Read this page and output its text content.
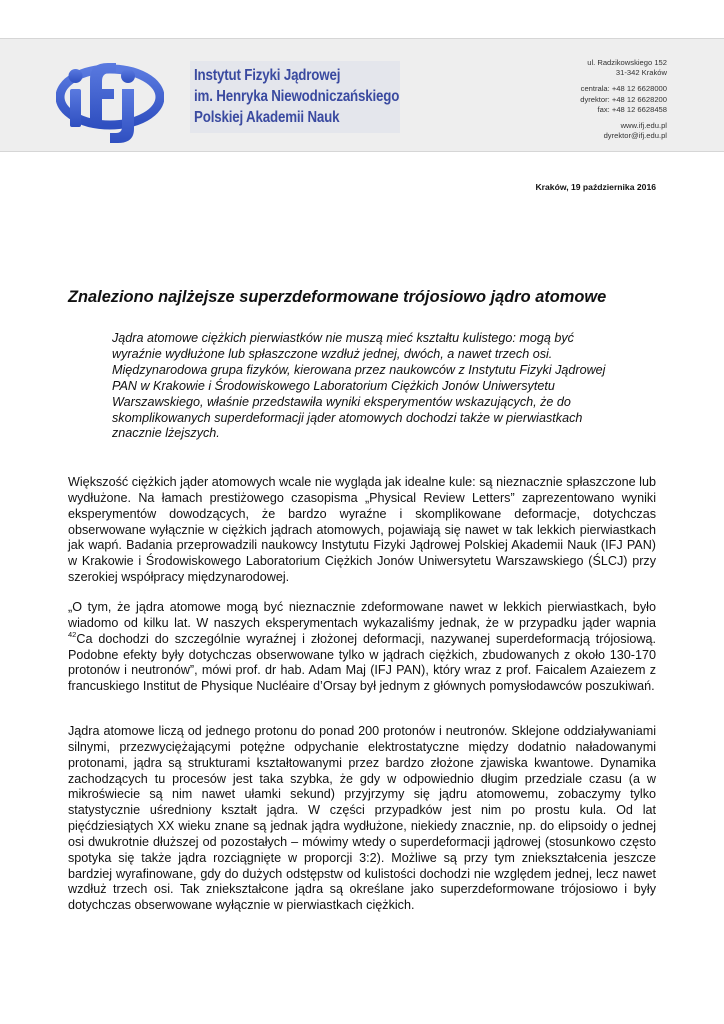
Instytut Fizyki Jądrowej
im. Henryka Niewodniczańskiego
Polskiej Akademii Nauk
ul. Radzikowskiego 152
31-342 Kraków
centrala: +48 12 6628000
dyrektor: +48 12 6628200
fax: +48 12 6628458
www.ifj.edu.pl
dyrektor@ifj.edu.pl
Kraków, 19 października 2016
Znaleziono najlżejsze superzdeformowane trójosiowo jądro atomowe

Jądra atomowe ciężkich pierwiastków nie muszą mieć kształtu kulistego: mogą być wyraźnie wydłużone lub spłaszczone wzdłuż jednej, dwóch, a nawet trzech osi. Międzynarodowa grupa fizyków, kierowana przez naukowców z Instytutu Fizyki Jądrowej PAN w Krakowie i Środowiskowego Laboratorium Ciężkich Jonów Uniwersytetu Warszawskiego, właśnie przedstawiła wyniki eksperymentów wskazujących, że do skomplikowanych superdeformacji jąder atomowych dochodzi także w pierwiastkach znacznie lżejszych.

Większość ciężkich jąder atomowych wcale nie wygląda jak idealne kule: są nieznacznie spłaszczone lub wydłużone. Na łamach prestiżowego czasopisma „Physical Review Letters” zaprezentowano wyniki eksperymentów dowodzących, że bardzo wyraźne i skomplikowane deformacje, dotychczas obserwowane wyłącznie w ciężkich jądrach atomowych, pojawiają się nawet w tak lekkich pierwiastkach jak wapń. Badania przeprowadzili naukowcy Instytutu Fizyki Jądrowej Polskiej Akademii Nauk (IFJ PAN) w Krakowie i Środowiskowego Laboratorium Ciężkich Jonów Uniwersytetu Warszawskiego (ŚLCJ) przy szerokiej współpracy międzynarodowej.

„O tym, że jądra atomowe mogą być nieznacznie zdeformowane nawet w lekkich pierwiastkach, było wiadomo od kilku lat. W naszych eksperymentach wykazaliśmy jednak, że w przypadku jąder wapnia $^{42}$Ca dochodzi do szczególnie wyraźnej i złożonej deformacji, nazywanej superdeformacją trójosiową. Podobne efekty były dotychczas obserwowane tylko w jądrach ciężkich, zbudowanych z około 130-170 protonów i neutronów”, mówi prof. dr hab. Adam Maj (IFJ PAN), który wraz z prof. Faicalem Azaiezem z francuskiego Institut de Physique Nucléaire d’Orsay był jednym z głównych pomysłodawców poszukiwań.

Jądra atomowe liczą od jednego protonu do ponad 200 protonów i neutronów. Sklejone oddziaływaniami silnymi, przezwyciężającymi potężne odpychanie elektrostatyczne między dodatnio naładowanymi protonami, jądra są strukturami kształtowanymi przez bardzo złożone zjawiska kwantowe. Dynamika zachodzących tu procesów jest taka szybka, że gdy w odpowiednio długim przedziale czasu (a w mikroświecie są nim nawet ułamki sekund) przyjrzymy się jądru atomowemu, zobaczymy tylko statystycznie uśredniony kształt jądra. W części przypadków jest nim po prostu kula. Od lat pięćdziesiątych XX wieku znane są jednak jądra wydłużone, niekiedy znacznie, np. do elipsoidy o jednej osi dwukrotnie dłuższej od pozostałych – mówimy wtedy o superdeformacji jądrowej (stosunkowo często spotyka się także jądra rozciągnięte w proporcji 3:2). Możliwe są przy tym zniekształcenia jeszcze bardziej wyrafinowane, gdy do dużych odstępstw od kulistości dochodzi nie względem jednej, lecz nawet wzdłuż trzech osi. Tak zniekształcone jądra są określane jako superzdeformowane trójosiowo i były dotychczas obserwowane wyłącznie w pierwiastkach ciężkich.
